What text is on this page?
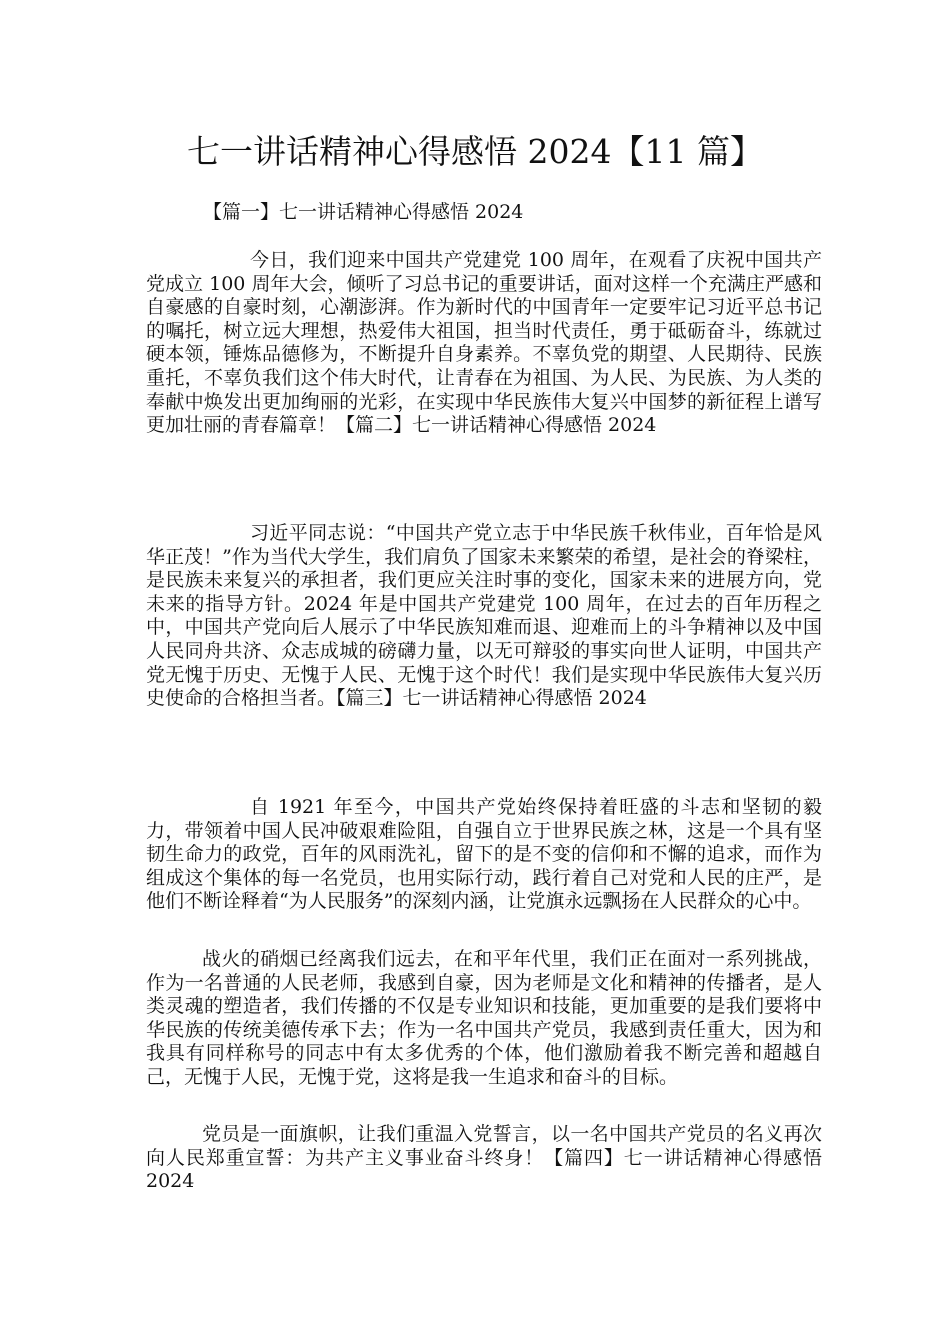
七一讲话精神心得感悟 2024【11 篇】

【篇一】七一讲话精神心得感悟 2024

今日，我们迎来中国共产党建党 100 周年，在观看了庆祝中国共产党成立 100 周年大会，倾听了习总书记的重要讲话，面对这样一个充满庄严感和自豪感的自豪时刻，心潮澎湃。作为新时代的中国青年一定要牢记习近平总书记的嘱托，树立远大理想，热爱伟大祖国，担当时代责任，勇于砥砺奋斗，练就过硬本领，锤炼品德修为，不断提升自身素养。不辜负党的期望、人民期待、民族重托，不辜负我们这个伟大时代，让青春在为祖国、为人民、为民族、为人类的奉献中焕发出更加绚丽的光彩，在实现中华民族伟大复兴中国梦的新征程上谱写更加壮丽的青春篇章！【篇二】七一讲话精神心得感悟 2024

习近平同志说：“中国共产党立志于中华民族千秋伟业，百年恰是风华正茂！”作为当代大学生，我们肩负了国家未来繁荣的希望，是社会的脊梁柱，是民族未来复兴的承担者，我们更应关注时事的变化，国家未来的进展方向，党未来的指导方针。2024 年是中国共产党建党 100 周年，在过去的百年历程之中，中国共产党向后人展示了中华民族知难而退、迎难而上的斗争精神以及中国人民同舟共济、众志成城的磅礴力量，以无可辩驳的事实向世人证明，中国共产党无愧于历史、无愧于人民、无愧于这个时代！我们是实现中华民族伟大复兴历史使命的合格担当者。【篇三】七一讲话精神心得感悟 2024

自 1921 年至今，中国共产党始终保持着旺盛的斗志和坚韧的毅力，带领着中国人民冲破艰难险阻，自强自立于世界民族之林，这是一个具有坚韧生命力的政党，百年的风雨洗礼，留下的是不变的信仰和不懈的追求，而作为组成这个集体的每一名党员，也用实际行动，践行着自己对党和人民的庄严，是他们不断诠释着“为人民服务”的深刻内涵，让党旗永远飘扬在人民群众的心中。

战火的硝烟已经离我们远去，在和平年代里，我们正在面对一系列挑战，作为一名普通的人民老师，我感到自豪，因为老师是文化和精神的传播者，是人类灵魂的塑造者，我们传播的不仅是专业知识和技能，更加重要的是我们要将中华民族的传统美德传承下去；作为一名中国共产党员，我感到责任重大，因为和我具有同样称号的同志中有太多优秀的个体，他们激励着我不断完善和超越自己，无愧于人民，无愧于党，这将是我一生追求和奋斗的目标。

党员是一面旗帜，让我们重温入党誓言，以一名中国共产党员的名义再次向人民郑重宣誓：为共产主义事业奋斗终身！【篇四】七一讲话精神心得感悟 2024
